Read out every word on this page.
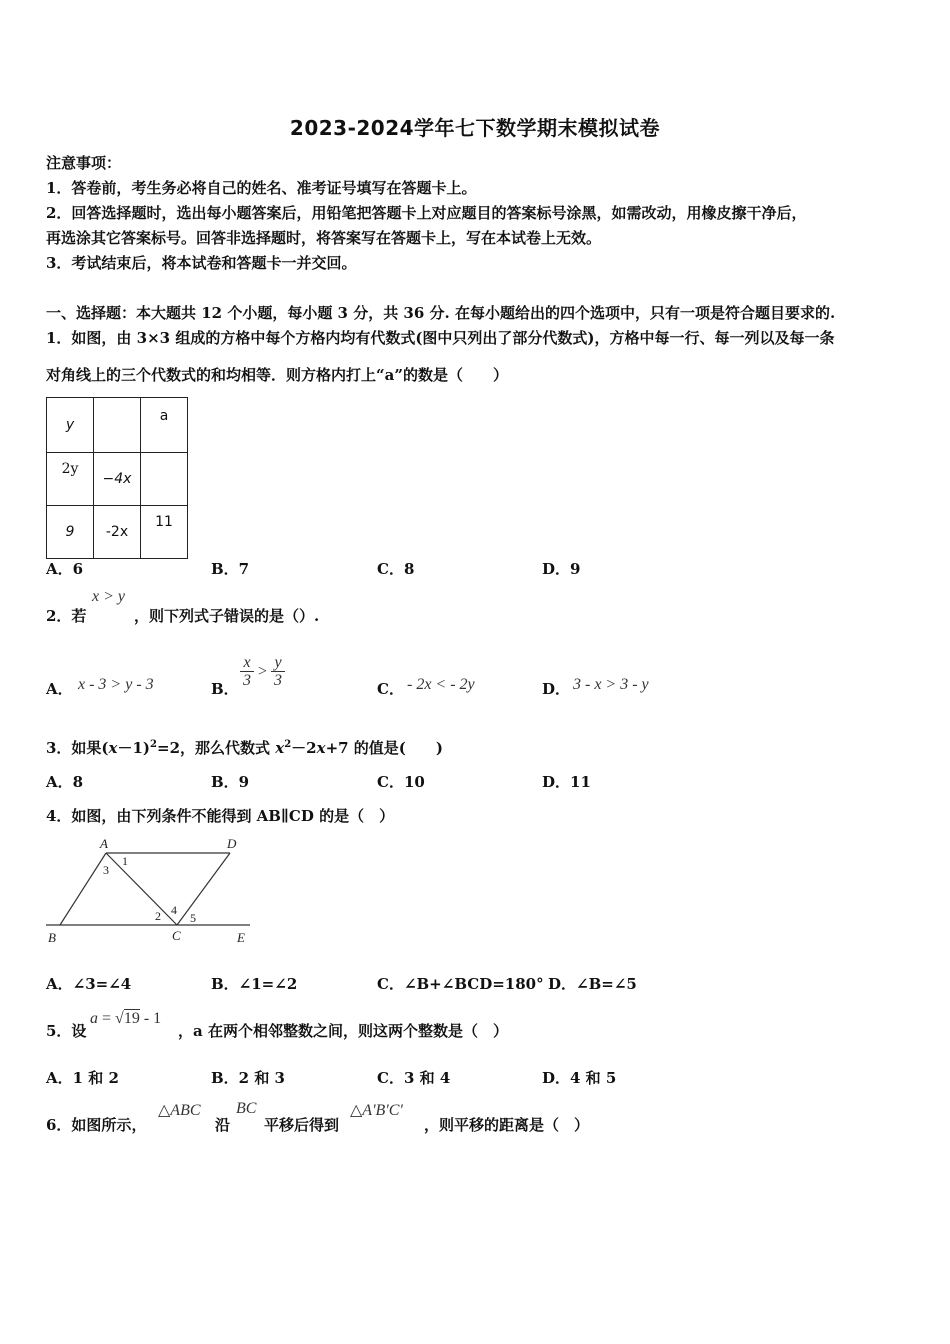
2023-2024学年七下数学期末模拟试卷
注意事项：
1．答卷前，考生务必将自己的姓名、准考证号填写在答题卡上。
2．回答选择题时，选出每小题答案后，用铅笔把答题卡上对应题目的答案标号涂黑，如需改动，用橡皮擦干净后，
再选涂其它答案标号。回答非选择题时，将答案写在答题卡上，写在本试卷上无效。
3．考试结束后，将本试卷和答题卡一并交回。
一、选择题：本大题共 12 个小题，每小题 3 分，共 36 分. 在每小题给出的四个选项中，只有一项是符合题目要求的.
1．如图，由 3×3 组成的方格中每个方格内均有代数式(图中只列出了部分代数式)，方格中每一行、每一列以及每一条
对角线上的三个代数式的和均相等．则方格内打上“a”的数是（　　）
y		a
2y	−4x	
9	-2x	11
A．6	B．7	C．8	D．9
2．若
x > y
，则下列式子错误的是（）.
A． x - 3 > y - 3	B． $\frac{x}{3} > \frac{y}{3}$	C． - 2x < - 2y	D． 3 - x > 3 - y
3．如果$(x-1)^2=2$，那么代数式 $x^2-2x+7$ 的值是(　　)
A．8	B．9	C．10	D．11
4．如图，由下列条件不能得到 AB∥CD 的是（　）
A	D
B	C	E
1
3
2 4
5
A．∠3=∠4	B．∠1=∠2	C．∠B+∠BCD=180° D．∠B=∠5
5．设
a = √19 - 1
，a 在两个相邻整数之间，则这两个整数是（　）
A．1 和 2	B．2 和 3	C．3 和 4	D．4 和 5
6．如图所示，
△ABC
沿
BC
平移后得到
△A'B'C'
，则平移的距离是（　）
